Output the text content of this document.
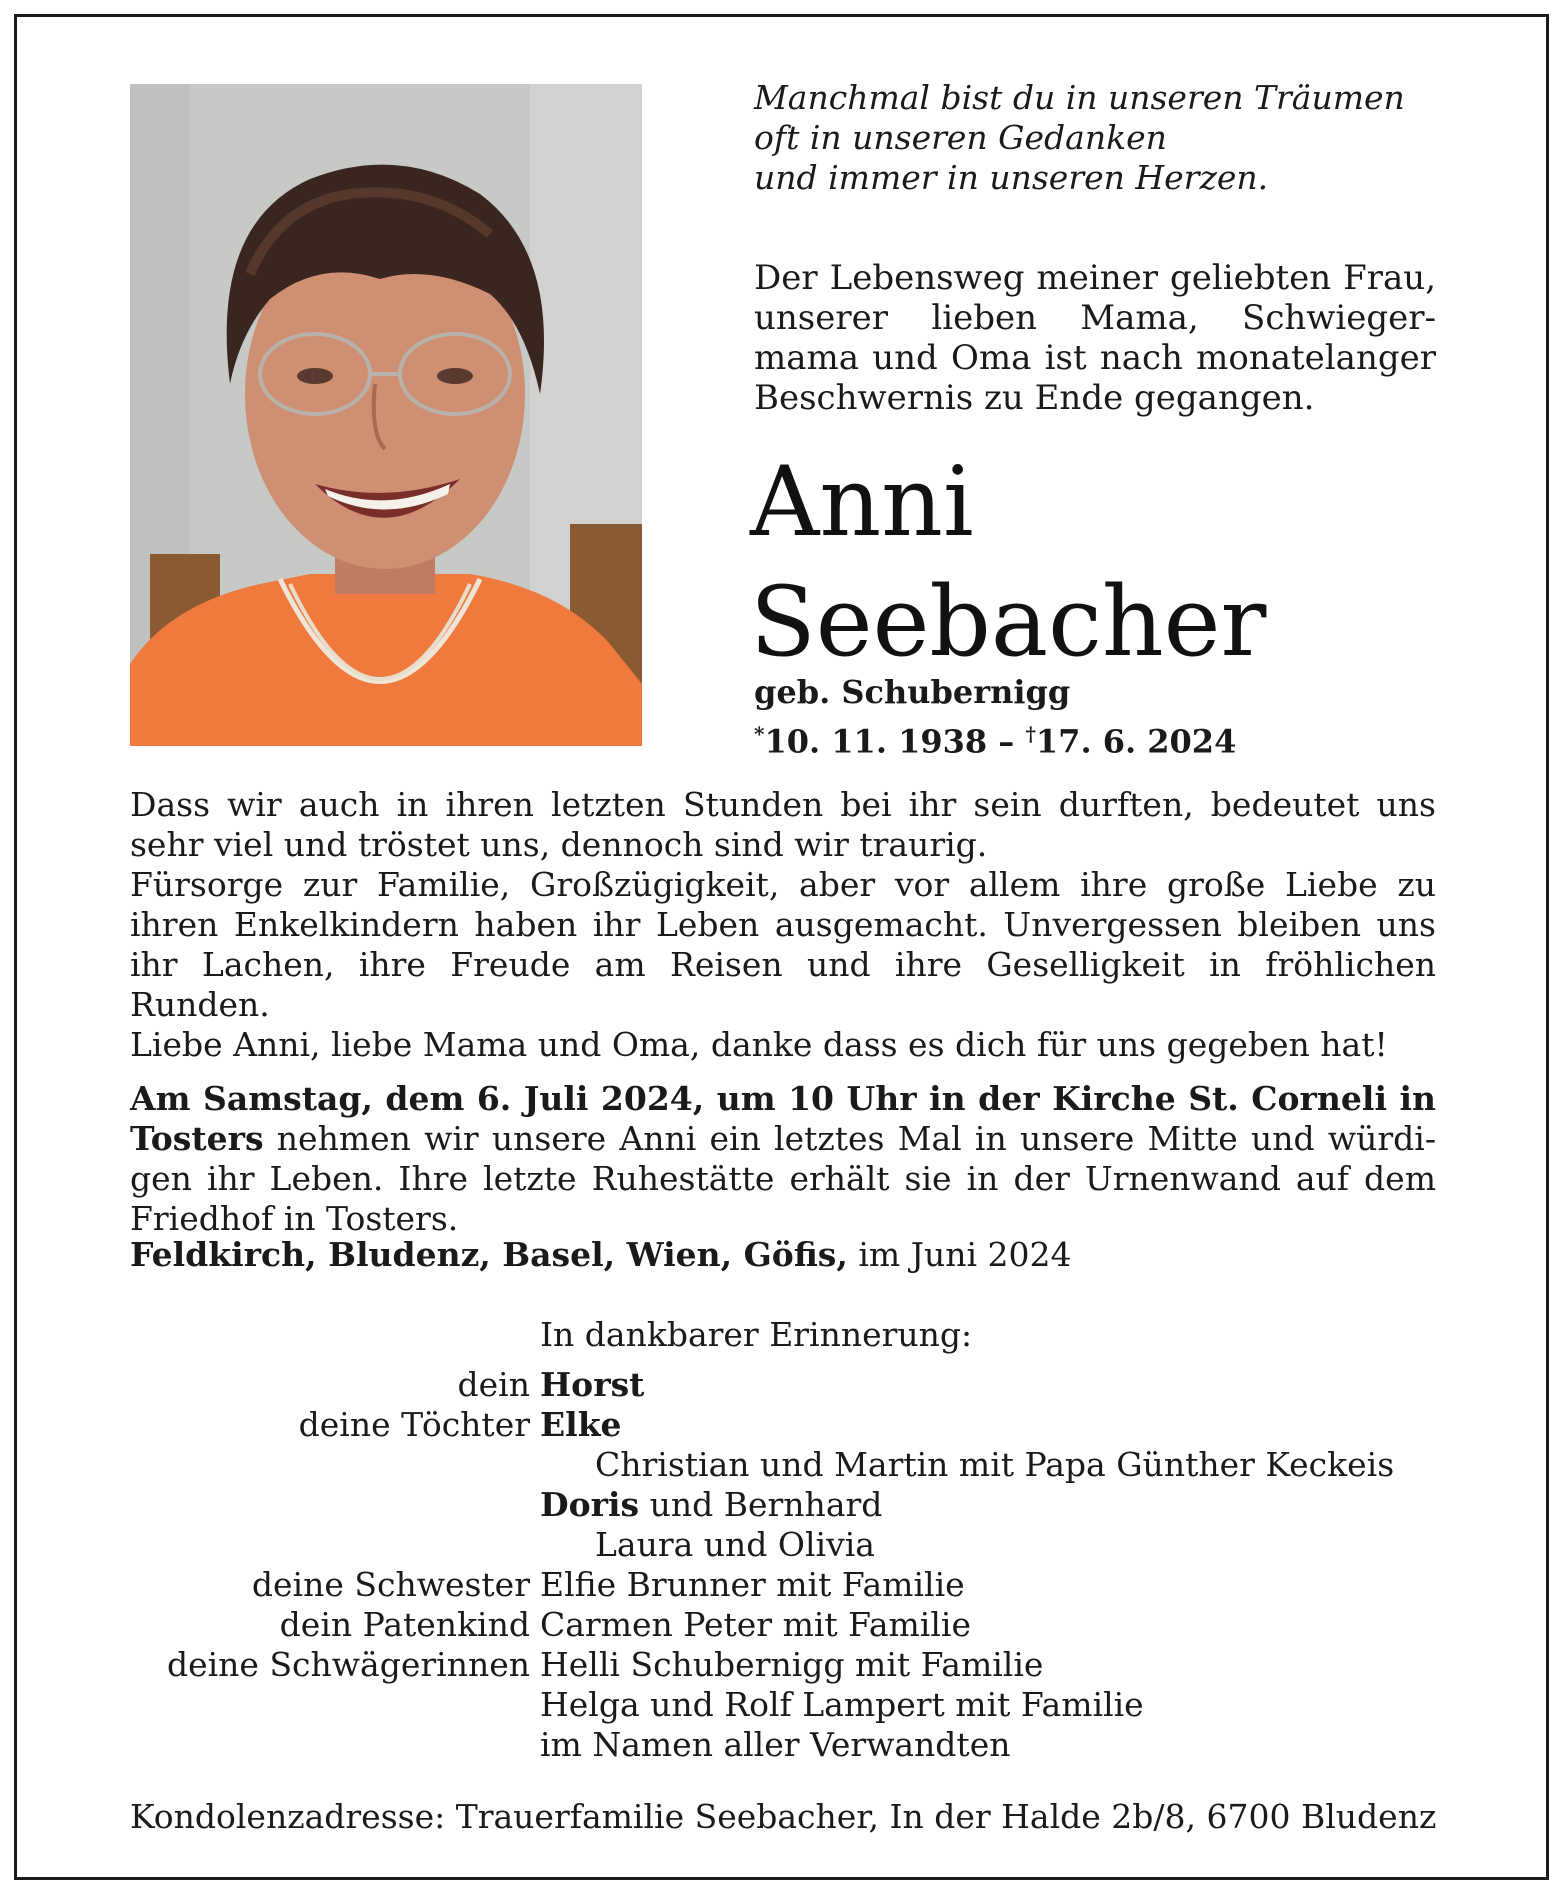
Manchmal bist du in unseren Träumen
oft in unseren Gedanken
und immer in unseren Herzen.
Der Lebensweg meiner geliebten Frau, unserer lieben Mama, Schwieger- mama und Oma ist nach monatelanger Beschwernis zu Ende gegangen.
Anni
Seebacher
geb. Schubernigg
*10. 11. 1938 – †17. 6. 2024

Dass wir auch in ihren letzten Stunden bei ihr sein durften, bedeutet uns sehr viel und tröstet uns, dennoch sind wir traurig.

Fürsorge zur Familie, Großzügigkeit, aber vor allem ihre große Liebe zu ihren Enkelkindern haben ihr Leben ausgemacht. Unvergessen bleiben uns ihr Lachen, ihre Freude am Reisen und ihre Geselligkeit in fröhlichen Runden.

Liebe Anni, liebe Mama und Oma, danke dass es dich für uns gegeben hat!

Am Samstag, dem 6. Juli 2024, um 10 Uhr in der Kirche St. Corneli in Tosters nehmen wir unsere Anni ein letztes Mal in unsere Mitte und würdi- gen ihr Leben. Ihre letzte Ruhestätte erhält sie in der Urnenwand auf dem Friedhof in Tosters.

Feldkirch, Bludenz, Basel, Wien, Göfis, im Juni 2024
In dankbarer Erinnerung:
dein Horst
deine Töchter Elke
Christian und Martin mit Papa Günther Keckeis
Doris und Bernhard
Laura und Olivia
deine Schwester Elfie Brunner mit Familie
dein Patenkind Carmen Peter mit Familie
deine Schwägerinnen Helli Schubernigg mit Familie
Helga und Rolf Lampert mit Familie
im Namen aller Verwandten
Kondolenzadresse: Trauerfamilie Seebacher, In der Halde 2b/8, 6700 Bludenz
